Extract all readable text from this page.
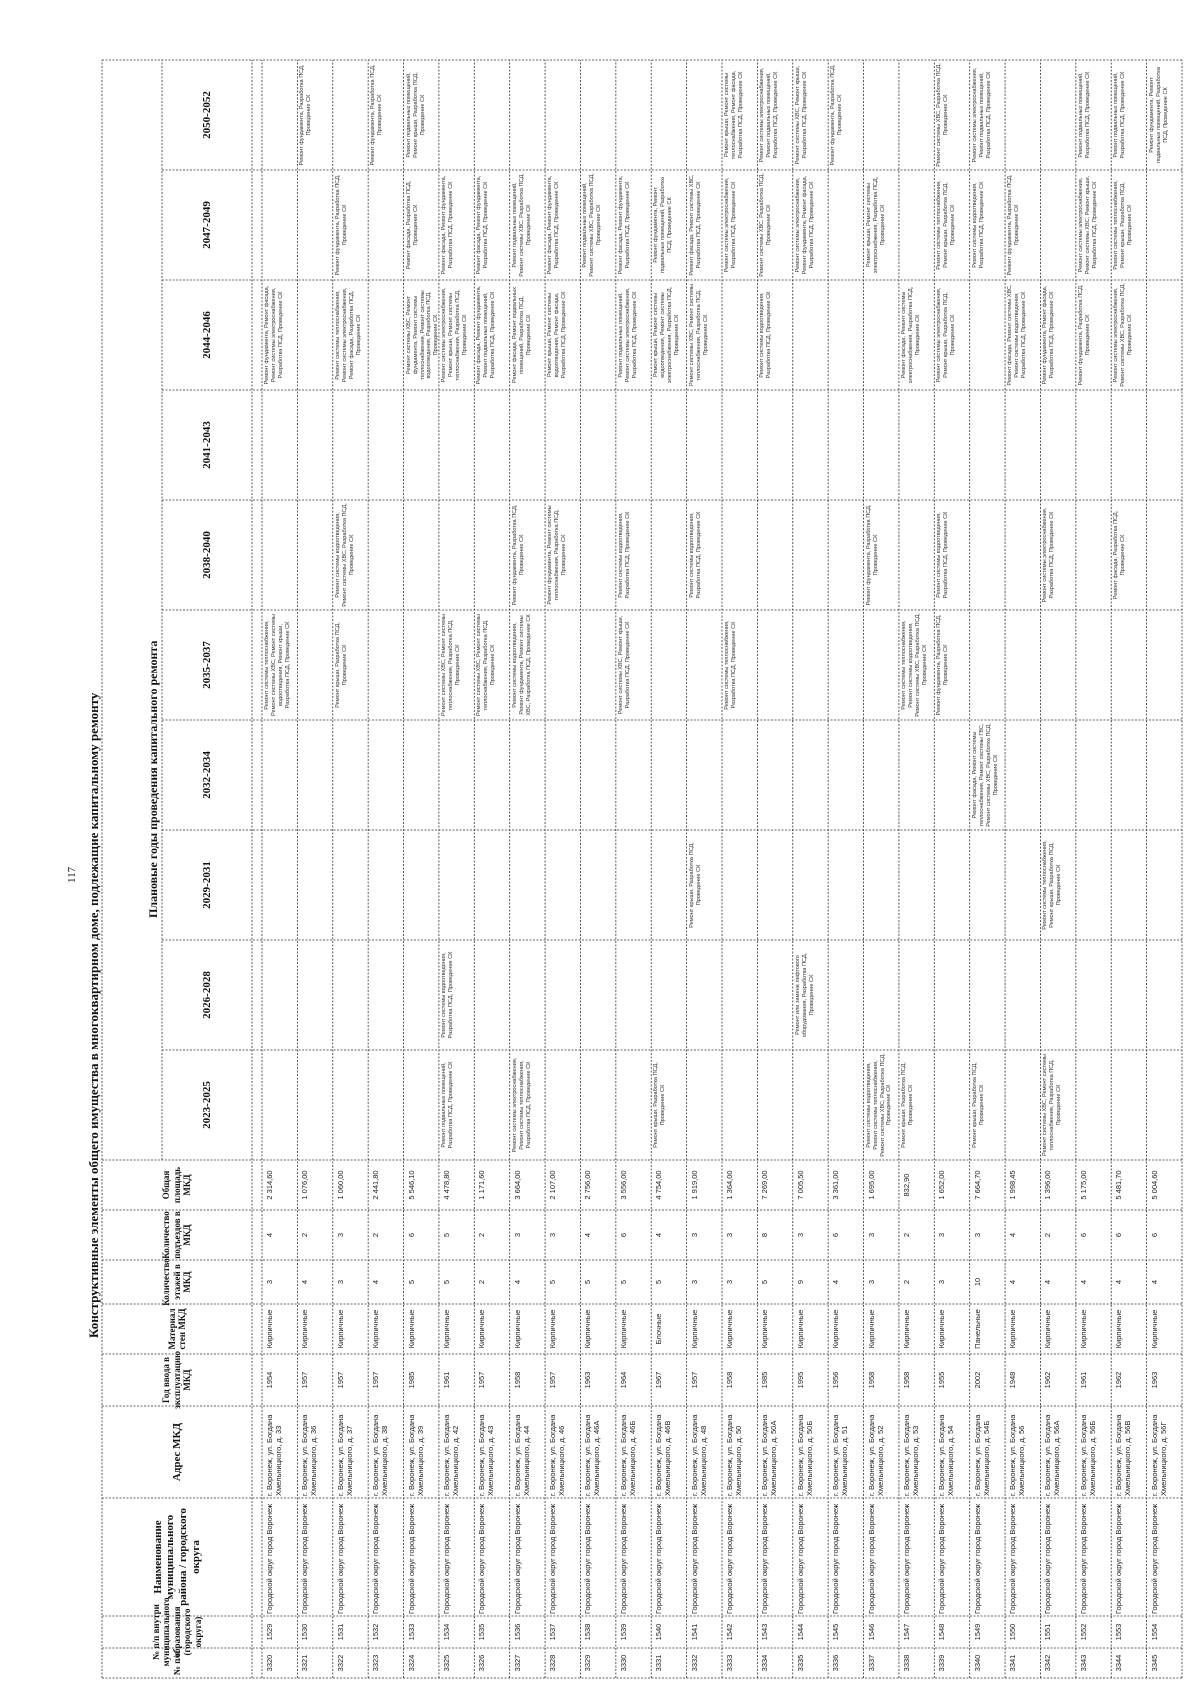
117 Конструктивные элементы общего имущества в многоквартирном доме, подлежащие капитальному ремонту	Плановые годы проведения капитального ремонта
№ п/п
№ п/п внутри муниципального образования (городского округа)
Наименование муниципального района / городского округа
Адрес МКД
Год ввода в эксплуатацию МКД
Материал стен МКД
Количество этажей в МКД
Количество подъездов в МКД
Общая площадь МКД
2023-2025
2026-2028
2029-2031
2032-2034
2035-2037
2038-2040
2041-2043
2044-2046
2047-2049
2050-2052
3320
1529
Городской округ город Воронеж
г. Воронеж, ул. Богдана Хмельницкого, д. 33
1954
Кирпичные
3
4
2 314,60
Ремонт системы теплоснабжения, Ремонт системы ХВС, Ремонт системы водоотведения, Ремонт крыши, Разработка ПСД, Проведение СК
Ремонт фундамента, Ремонт фасада, Ремонт системы электроснабжения, Разработка ПСД, Проведение СК
3321
1530
Городской округ город Воронеж
г. Воронеж, ул. Богдана Хмельницкого, д. 36
1957
Кирпичные
4
2
1 076,00
Ремонт фундамента, Разработка ПСД, Проведение СК
3322
1531
Городской округ город Воронеж
г. Воронеж, ул. Богдана Хмельницкого, д. 37
1957
Кирпичные
3
3
1 060,00
Ремонт крыши, Разработка ПСД, Проведение СК
Ремонт системы водоотведения, Ремонт системы ХВС, Разработка ПСД, Проведение СК
Ремонт системы теплоснабжения, Ремонт системы электроснабжения, Ремонт фасада, Разработка ПСД, Проведение СК
Ремонт фундамента, Разработка ПСД, Проведение СК
3323
1532
Городской округ город Воронеж
г. Воронеж, ул. Богдана Хмельницкого, д. 38
1957
Кирпичные
4
2
2 441,80
Ремонт фундамента, Разработка ПСД, Проведение СК
3324
1533
Городской округ город Воронеж
г. Воронеж, ул. Богдана Хмельницкого, д. 39
1985
Кирпичные
5
6
5 546,10
Ремонт системы ХВС, Ремонт фундамента, Ремонт системы теплоснабжения, Ремонт системы водоотведения, Разработка ПСД, Проведение СК
Ремонт фасада, Разработка ПСД, Проведение СК
Ремонт подвальных помещений, Ремонт крыши, Разработка ПСД, Проведение СК
3325
1534
Городской округ город Воронеж
г. Воронеж, ул. Богдана Хмельницкого, д. 42
1961
Кирпичные
5
5
4 478,80
Ремонт подвальных помещений, Разработка ПСД, Проведение СК
Ремонт системы водоотведения, Разработка ПСД, Проведение СК
Ремонт системы ХВС, Ремонт системы теплоснабжения, Разработка ПСД, Проведение СК
Ремонт системы электроснабжения, Ремонт крыши, Ремонт системы теплоснабжения, Разработка ПСД, Проведение СК
Ремонт фасада, Ремонт фундамента, Разработка ПСД, Проведение СК
3326
1535
Городской округ город Воронеж
г. Воронеж, ул. Богдана Хмельницкого, д. 43
1957
Кирпичные
2
2
1 171,60
Ремонт системы ХВС, Ремонт системы теплоснабжения, Разработка ПСД, Проведение СК
Ремонт фасада, Ремонт фундамента, Ремонт подвальных помещений, Разработка ПСД, Проведение СК
Ремонт фасада, Ремонт фундамента, Разработка ПСД, Проведение СК
3327
1536
Городской округ город Воронеж
г. Воронеж, ул. Богдана Хмельницкого, д. 44
1958
Кирпичные
4
3
3 664,00
Ремонт системы электроснабжения, Ремонт системы теплоснабжения, Разработка ПСД, Проведение СК
Ремонт системы водоотведения, Ремонт фундамента, Ремонт системы ХВС, Разработка ПСД, Проведение СК
Ремонт фундамента, Разработка ПСД, Проведение СК
Ремонт фасада, Ремонт подвальных помещений, Разработка ПСД, Проведение СК
Ремонт подвальных помещений, Ремонт системы ХВС, Разработка ПСД, Проведение СК
3328
1537
Городской округ город Воронеж
г. Воронеж, ул. Богдана Хмельницкого, д. 46
1957
Кирпичные
5
3
2 107,00
Ремонт фундамента, Ремонт системы теплоснабжения, Разработка ПСД, Проведение СК
Ремонт крыши, Ремонт системы водоотведения, Ремонт фасада, Разработка ПСД, Проведение СК
Ремонт фасада, Ремонт фундамента, Разработка ПСД, Проведение СК
3329
1538
Городской округ город Воронеж
г. Воронеж, ул. Богдана Хмельницкого, д. 46А
1963
Кирпичные
5
4
2 756,00
Ремонт подвальных помещений, Ремонт системы ХВС, Разработка ПСД, Проведение СК
3330
1539
Городской округ город Воронеж
г. Воронеж, ул. Богдана Хмельницкого, д. 46Б
1964
Кирпичные
5
6
3 556,00
Ремонт системы ХВС, Ремонт крыши, Разработка ПСД, Проведение СК
Ремонт системы водоотведения, Разработка ПСД, Проведение СК
Ремонт подвальных помещений, Ремонт системы электроснабжения, Разработка ПСД, Проведение СК
Ремонт фасада, Ремонт фундамента, Разработка ПСД, Проведение СК
3331
1540
Городской округ город Воронеж
г. Воронеж, ул. Богдана Хмельницкого, д. 46В
1967
Блочные
5
4
4 754,00
Ремонт крыши, Разработка ПСД, Проведение СК
Ремонт крыши, Ремонт системы водоотведения, Ремонт системы электроснабжения, Разработка ПСД, Проведение СК
Ремонт фундамента, Ремонт подвальных помещений, Разработка ПСД, Проведение СК
3332
1541
Городской округ город Воронеж
г. Воронеж, ул. Богдана Хмельницкого, д. 48
1957
Кирпичные
3
3
1 919,00
Ремонт крыши, Разработка ПСД, Проведение СК
Ремонт системы водоотведения, Разработка ПСД, Проведение СК
Ремонт системы ХВС, Ремонт системы теплоснабжения, Разработка ПСД, Проведение СК
Ремонт фасада, Ремонт системы ХВС, Разработка ПСД, Проведение СК
3333
1542
Городской округ город Воронеж
г. Воронеж, ул. Богдана Хмельницкого, д. 50
1958
Кирпичные
3
3
1 364,00
Ремонт системы теплоснабжения, Разработка ПСД, Проведение СК
Ремонт системы электроснабжения, Разработка ПСД, Проведение СК
Ремонт крыши, Ремонт системы теплоснабжения, Ремонт фасада, Разработка ПСД, Проведение СК
3334
1543
Городской округ город Воронеж
г. Воронеж, ул. Богдана Хмельницкого, д. 50А
1985
Кирпичные
5
8
7 269,00
Ремонт системы водоотведения, Разработка ПСД, Проведение СК
Ремонт системы ХВС, Разработка ПСД, Проведение СК
Ремонт системы электроснабжения, Ремонт подвальных помещений, Разработка ПСД, Проведение СК
3335
1544
Городской округ город Воронеж
г. Воронеж, ул. Богдана Хмельницкого, д. 50Б
1995
Кирпичные
9
3
7 005,50
Ремонт или замена лифтового оборудования, Разработка ПСД, Проведение СК
Ремонт системы электроснабжения, Ремонт фундамента, Ремонт фасада, Разработка ПСД, Проведение СК
Ремонт системы ХВС, Ремонт крыши, Разработка ПСД, Проведение СК
3336
1545
Городской округ город Воронеж
г. Воронеж, ул. Богдана Хмельницкого, д. 51
1956
Кирпичные
4
6
3 361,00
Ремонт фундамента, Разработка ПСД, Проведение СК
3337
1546
Городской округ город Воронеж
г. Воронеж, ул. Богдана Хмельницкого, д. 52
1958
Кирпичные
3
3
1 695,00
Ремонт системы водоотведения, Ремонт системы теплоснабжения, Ремонт системы ХВС, Разработка ПСД, Проведение СК
Ремонт фундамента, Разработка ПСД, Проведение СК
Ремонт крыши, Ремонт системы электроснабжения, Разработка ПСД, Проведение СК
3338
1547
Городской округ город Воронеж
г. Воронеж, ул. Богдана Хмельницкого, д. 53
1958
Кирпичные
2
2
832,90
Ремонт крыши, Разработка ПСД, Проведение СК
Ремонт системы теплоснабжения, Ремонт системы водоотведения, Ремонт системы ХВС, Разработка ПСД, Проведение СК
Ремонт фасада, Ремонт системы электроснабжения, Разработка ПСД, Проведение СК
3339
1548
Городской округ город Воронеж
г. Воронеж, ул. Богдана Хмельницкого, д. 54
1955
Кирпичные
3
3
1 652,00
Ремонт фундамента, Разработка ПСД, Проведение СК
Ремонт системы водоотведения, Разработка ПСД, Проведение СК
Ремонт системы электроснабжения, Ремонт крыши, Разработка ПСД, Проведение СК
Ремонт системы теплоснабжения, Ремонт крыши, Разработка ПСД, Проведение СК
Ремонт системы ХВС, Разработка ПСД, Проведение СК
3340
1549
Городской округ город Воронеж
г. Воронеж, ул. Богдана Хмельницкого, д. 54Б
2002
Панельные
10
3
7 664,70
Ремонт крыши, Разработка ПСД, Проведение СК
Ремонт фасада, Ремонт системы теплоснабжения, Ремонт системы ГВС, Ремонт системы ХВС, Разработка ПСД, Проведение СК
Ремонт системы водоотведения, Разработка ПСД, Проведение СК
Ремонт системы электроснабжения, Ремонт подвальных помещений, Разработка ПСД, Проведение СК
3341
1550
Городской округ город Воронеж
г. Воронеж, ул. Богдана Хмельницкого, д. 56
1948
Кирпичные
4
4
1 998,45
Ремонт фасада, Ремонт системы ХВС, Ремонт системы водоотведения, Разработка ПСД, Проведение СК
Ремонт фундамента, Разработка ПСД, Проведение СК
3342
1551
Городской округ город Воронеж
г. Воронеж, ул. Богдана Хмельницкого, д. 56А
1962
Кирпичные
4
2
1 396,00
Ремонт системы ХВС, Ремонт системы теплоснабжения, Разработка ПСД, Проведение СК
Ремонт системы теплоснабжения, Ремонт крыши, Разработка ПСД, Проведение СК
Ремонт системы электроснабжения, Разработка ПСД, Проведение СК
Ремонт фундамента, Ремонт фасада, Разработка ПСД, Проведение СК
3343
1552
Городской округ город Воронеж
г. Воронеж, ул. Богдана Хмельницкого, д. 56Б
1961
Кирпичные
4
6
5 175,00
Ремонт фундамента, Разработка ПСД, Проведение СК
Ремонт системы электроснабжения, Ремонт системы ХВС, Ремонт крыши, Разработка ПСД, Проведение СК
Ремонт подвальных помещений, Разработка ПСД, Проведение СК
3344
1553
Городской округ город Воронеж
г. Воронеж, ул. Богдана Хмельницкого, д. 56В
1962
Кирпичные
4
6
5 481,70
Ремонт фасада, Разработка ПСД, Проведение СК
Ремонт системы электроснабжения, Ремонт системы ХВС, Разработка ПСД, Проведение СК
Ремонт системы теплоснабжения, Ремонт крыши, Разработка ПСД, Проведение СК
Ремонт подвальных помещений, Разработка ПСД, Проведение СК
3345
1554
Городской округ город Воронеж
г. Воронеж, ул. Богдана Хмельницкого, д. 56Г
1963
Кирпичные
4
6
5 004,60
Ремонт фундамента, Ремонт подвальных помещений, Разработка ПСД, Проведение СК
